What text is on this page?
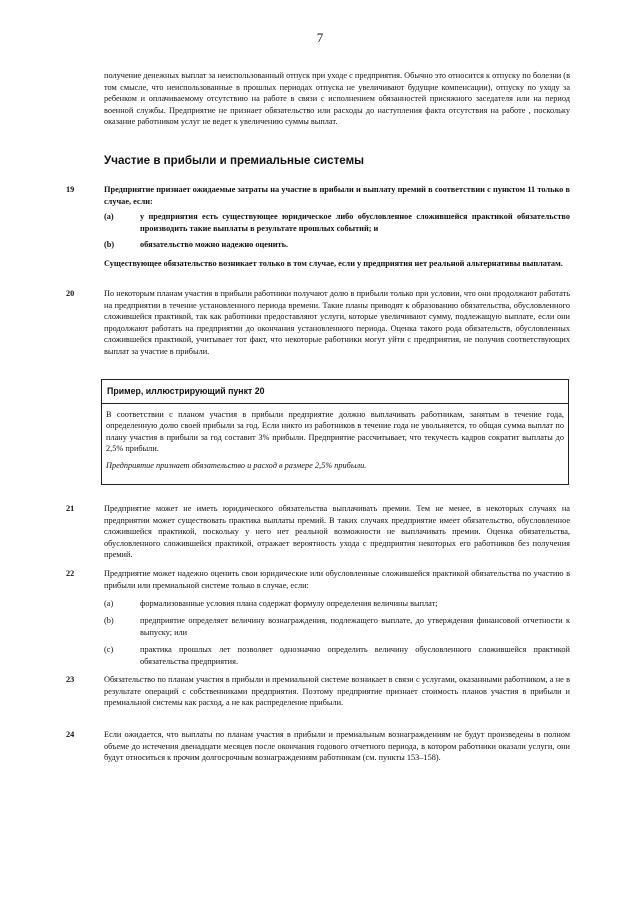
7
получение денежных выплат за неиспользованный отпуск при уходе с предприятия. Обычно это относится к отпуску по болезни (в том смысле, что неиспользованные в прошлых периодах отпуска не увеличивают будущие компенсации), отпуску по уходу за ребенком и оплачиваемому отсутствию на работе в связи с исполнением обязанностей присяжного заседателя или на период военной службы. Предприятие не признает обязательство или расходы до наступления факта отсутствия на работе , поскольку оказание работником услуг не ведет к увеличению суммы выплат.
Участие в прибыли и премиальные системы
19	Предприятие признает ожидаемые затраты на участие в прибыли и выплату премий в соответствии с пунктом 11 только в случае, если:
(a)	у предприятия есть существующее юридическое либо обусловленное сложившейся практикой обязательство производить такие выплаты в результате прошлых событий; и
(b)	обязательство можно надежно оценить.
Существующее обязательство возникает только в том случае, если у предприятия нет реальной альтернативы выплатам.
20	По некоторым планам участия в прибыли работники получают долю в прибыли только при условии, что они продолжают работать на предприятии в течение установленного периода времени. Такие планы приводят к образованию обязательства, обусловленного сложившейся практикой, так как работники предоставляют услуги, которые увеличивают сумму, подлежащую выплате, если они продолжают работать на предприятии до окончания установленного периода. Оценка такого рода обязательств, обусловленных сложившейся практикой, учитывает тот факт, что некоторые работники могут уйти с предприятия, не получив соответствующих выплат за участие в прибыли.
Пример, иллюстрирующий пункт 20
В соответствии с планом участия в прибыли предприятие должно выплачивать работникам, занятым в течение года, определенную долю своей прибыли за год. Если никто из работников в течение года не увольняется, то общая сумма выплат по плану участия в прибыли за год составит 3% прибыли. Предприятие рассчитывает, что текучесть кадров сократит выплаты до 2,5% прибыли.
Предприятие признает обязательство и расход в размере 2,5% прибыли.
21	Предприятие может не иметь юридического обязательства выплачивать премии. Тем не менее, в некоторых случаях на предприятии может существовать практика выплаты премий. В таких случаях предприятие имеет обязательство, обусловленное сложившейся практикой, поскольку у него нет реальной возможности не выплачивать премии. Оценка обязательства, обусловленного сложившейся практикой, отражает вероятность ухода с предприятия некоторых его работников без получения премий.
22	Предприятие может надежно оценить свои юридические или обусловленные сложившейся практикой обязательства по участию в прибыли или премиальной системе только в случае, если:
(a)	формализованные условия плана содержат формулу определения величины выплат;
(b)	предприятие определяет величину вознаграждения, подлежащего выплате, до утверждения финансовой отчетности к выпуску; или
(c)	практика прошлых лет позволяет однозначно определить величину обусловленного сложившейся практикой обязательства предприятия.
23	Обязательство по планам участия в прибыли и премиальной системе возникает в связи с услугами, оказанными работником, а не в результате операций с собственниками предприятия. Поэтому предприятие признает стоимость планов участия в прибыли и премиальной системы как расход, а не как распределение прибыли.
24	Если ожидается, что выплаты по планам участия в прибыли и премиальным вознаграждениям не будут произведены в полном объеме до истечения двенадцати месяцев после окончания годового отчетного периода, в котором работники оказали услуги, они будут относиться к прочим долгосрочным вознаграждениям работникам (см. пункты 153–158).
